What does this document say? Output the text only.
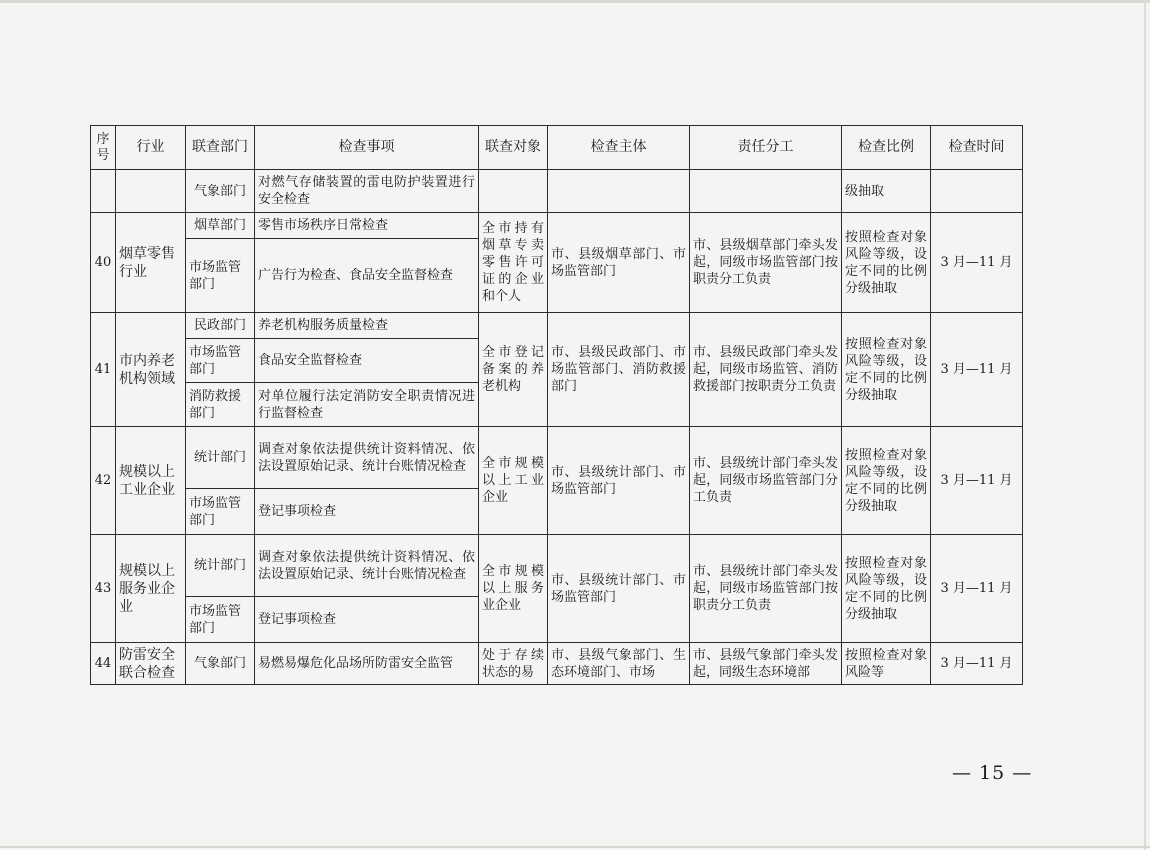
序号	行业	联查部门	检查事项	联查对象	检查主体	责任分工	检查比例	检查时间
		气象部门	对燃气存储装置的雷电防护装置进行安全检查				级抽取	
40	烟草零售行业	烟草部门	零售市场秩序日常检查	全市持有烟草专卖零售许可证的企业和个人	市、县级烟草部门、市场监管部门	市、县级烟草部门牵头发起，同级市场监管部门按职责分工负责	按照检查对象风险等级，设定不同的比例分级抽取	3 月—11 月
		市场监管部门	广告行为检查、食品安全监督检查					
41	市内养老机构领域	民政部门	养老机构服务质量检查	全市登记备案的养老机构	市、县级民政部门、市场监管部门、消防救援部门	市、县级民政部门牵头发起，同级市场监管、消防救援部门按职责分工负责	按照检查对象风险等级，设定不同的比例分级抽取	3 月—11 月
		市场监管部门	食品安全监督检查					
		消防救援部门	对单位履行法定消防安全职责情况进行监督检查					
42	规模以上工业企业	统计部门	调查对象依法提供统计资料情况、依法设置原始记录、统计台账情况检查	全市规模以上工业企业	市、县级统计部门、市场监管部门	市、县级统计部门牵头发起，同级市场监管部门分工负责	按照检查对象风险等级，设定不同的比例分级抽取	3 月—11 月
		市场监管部门	登记事项检查					
43	规模以上服务业企业	统计部门	调查对象依法提供统计资料情况、依法设置原始记录、统计台账情况检查	全市规模以上服务业企业	市、县级统计部门、市场监管部门	市、县级统计部门牵头发起，同级市场监管部门按职责分工负责	按照检查对象风险等级，设定不同的比例分级抽取	3 月—11 月
		市场监管部门	登记事项检查					
44	防雷安全联合检查	气象部门	易燃易爆危化品场所防雷安全监管	处于存续状态的易	市、县级气象部门、生态环境部门、市场	市、县级气象部门牵头发起，同级生态环境部	按照检查对象风险等	3 月—11 月
— 15 —
